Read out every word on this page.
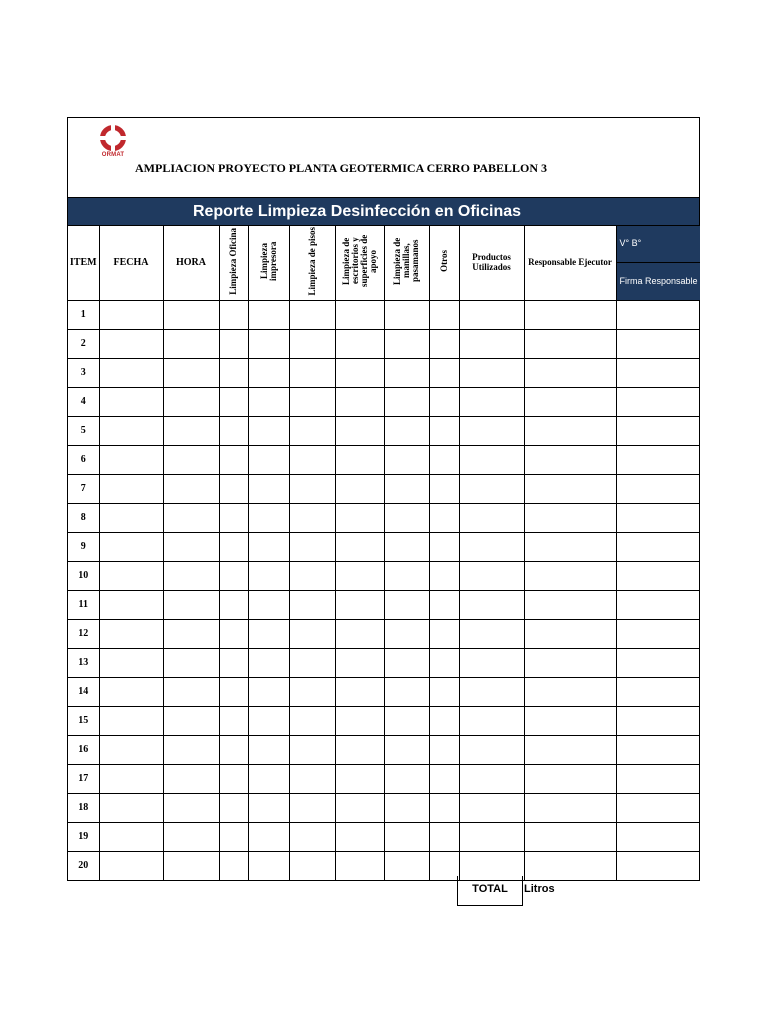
ORMAT
AMPLIACION PROYECTO PLANTA GEOTERMICA CERRO PABELLON 3
Reporte Limpieza Desinfección en Oficinas
ITEM	FECHA	HORA	Limpieza Oficina	Limpieza impresora	Limpieza de pisos	Limpieza de escritorios y superficies de apoyo	Limpieza de manillas, pasamanos	Otros	Productos Utilizados	Responsable Ejecutor	V° B°
											Firma Responsable
1											
2											
3											
4											
5											
6											
7											
8											
9											
10											
11											
12											
13											
14											
15											
16											
17											
18											
19											
20											
TOTAL	Litros
